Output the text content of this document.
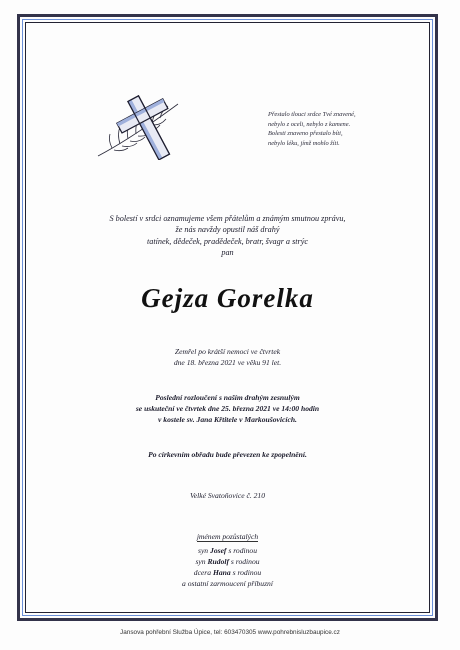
Přestalo tlouci srdce Tvé znavené,
nebylo z oceli, nebylo z kamene.
Bolesti znaveno přestalo bíti,
nebylo léku, jímž mohlo žíti.
S bolestí v srdci oznamujeme všem přátelům a známým smutnou zprávu,
že nás navždy opustil náš drahý
tatínek, dědeček, pradědeček, bratr, švagr a strýc
pan
Gejza Gorelka
Zemřel po krátší nemoci ve čtvrtek
dne 18. března 2021 ve věku 91 let.
Poslední rozloučení s naším drahým zesnulým
se uskuteční ve čtvrtek dne 25. března 2021 ve 14:00 hodin
v kostele sv. Jana Křtitele v Markoušovicích.
Po církevním obřadu bude převezen ke zpopelnění.
Velké Svatoňovice č. 210
jménem pozůstalých
syn Josef s rodinou
syn Rudolf s rodinou
dcera Hana s rodinou
a ostatní zarmoucení příbuzní
Jansova pohřební Služba Úpice, tel: 603470305 www.pohrebnisluzbaupice.cz
